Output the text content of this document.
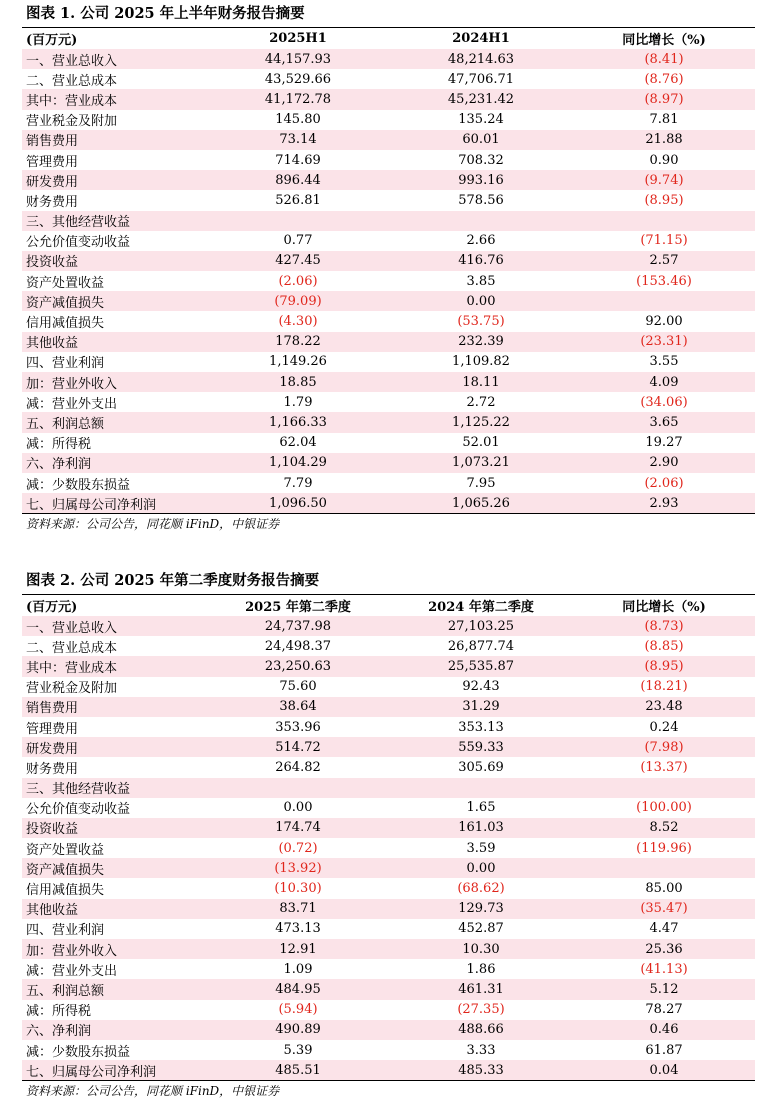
图表 1. 公司 2025 年上半年财务报告摘要
(百万元)	2025H1	2024H1	同比增长（%)
一、营业总收入	44,157.93	48,214.63	(8.41)
二、营业总成本	43,529.66	47,706.71	(8.76)
其中：营业成本	41,172.78	45,231.42	(8.97)
营业税金及附加	145.80	135.24	7.81
销售费用	73.14	60.01	21.88
管理费用	714.69	708.32	0.90
研发费用	896.44	993.16	(9.74)
财务费用	526.81	578.56	(8.95)
三、其他经营收益			
公允价值变动收益	0.77	2.66	(71.15)
投资收益	427.45	416.76	2.57
资产处置收益	(2.06)	3.85	(153.46)
资产减值损失	(79.09)	0.00	
信用减值损失	(4.30)	(53.75)	92.00
其他收益	178.22	232.39	(23.31)
四、营业利润	1,149.26	1,109.82	3.55
加：营业外收入	18.85	18.11	4.09
减：营业外支出	1.79	2.72	(34.06)
五、利润总额	1,166.33	1,125.22	3.65
减：所得税	62.04	52.01	19.27
六、净利润	1,104.29	1,073.21	2.90
减：少数股东损益	7.79	7.95	(2.06)
七、归属母公司净利润	1,096.50	1,065.26	2.93
资料来源：公司公告，同花顺 iFinD，中银证券
图表 2. 公司 2025 年第二季度财务报告摘要
(百万元)	2025 年第二季度	2024 年第二季度	同比增长（%)
一、营业总收入	24,737.98	27,103.25	(8.73)
二、营业总成本	24,498.37	26,877.74	(8.85)
其中：营业成本	23,250.63	25,535.87	(8.95)
营业税金及附加	75.60	92.43	(18.21)
销售费用	38.64	31.29	23.48
管理费用	353.96	353.13	0.24
研发费用	514.72	559.33	(7.98)
财务费用	264.82	305.69	(13.37)
三、其他经营收益			
公允价值变动收益	0.00	1.65	(100.00)
投资收益	174.74	161.03	8.52
资产处置收益	(0.72)	3.59	(119.96)
资产减值损失	(13.92)	0.00	
信用减值损失	(10.30)	(68.62)	85.00
其他收益	83.71	129.73	(35.47)
四、营业利润	473.13	452.87	4.47
加：营业外收入	12.91	10.30	25.36
减：营业外支出	1.09	1.86	(41.13)
五、利润总额	484.95	461.31	5.12
减：所得税	(5.94)	(27.35)	78.27
六、净利润	490.89	488.66	0.46
减：少数股东损益	5.39	3.33	61.87
七、归属母公司净利润	485.51	485.33	0.04
资料来源：公司公告，同花顺 iFinD，中银证券
